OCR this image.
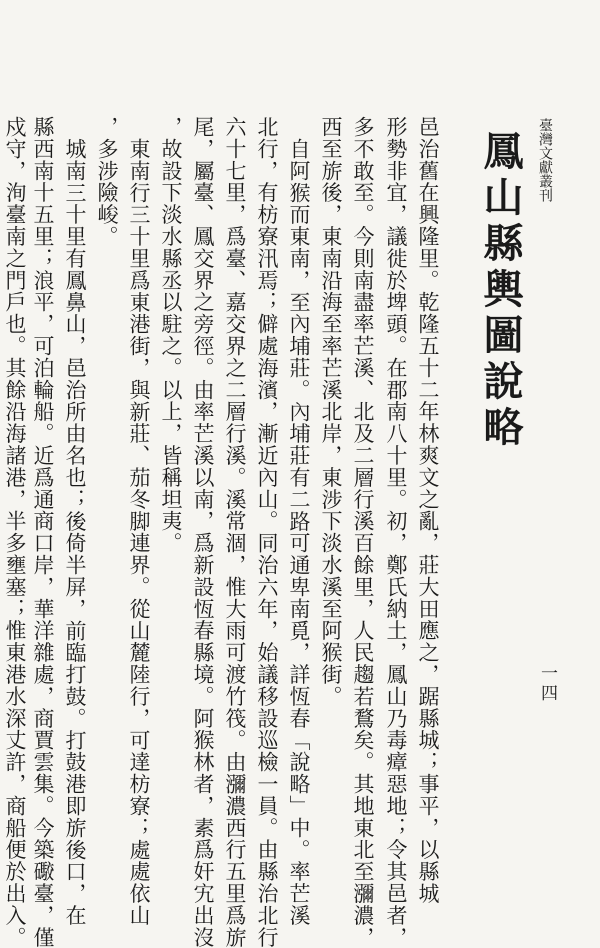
臺灣文獻叢刊
一四
鳳山縣輿圖說略

邑治舊在興隆里。乾隆五十二年林爽文之亂，莊大田應之，踞縣城；事平，以縣城

形勢非宜，議徙於埤頭。在郡南八十里。初，鄭氏納土，鳳山乃毒瘴惡地；令其邑者，

多不敢至。今則南盡率芒溪、北及二層行溪百餘里，人民趨若鶩矣。其地東北至瀰濃，

西至旂後，東南沿海至率芒溪北岸，東涉下淡水溪至阿猴街。

自阿猴而東南，至內埔莊。內埔莊有二路可通卑南覓，詳恆春「說略」中。率芒溪

北行，有枋寮汛焉；僻處海濱，漸近內山。同治六年，始議移設巡檢一員。由縣治北行

六十七里，爲臺、嘉交界之二層行溪。溪常涸，惟大雨可渡竹筏。由瀰濃西行五里爲旂

尾，屬臺、鳳交界之旁徑。由率芒溪以南，爲新設恆春縣境。阿猴林者，素爲奸宄出沒

，故設下淡水縣丞以駐之。以上，皆稱坦夷。

東南行三十里爲東港街，與新莊、茄冬脚連界。從山麓陸行，可達枋寮；處處依山

，多涉險峻。

城南三十里有鳳鼻山，邑治所由名也；後倚半屏，前臨打鼓。打鼓港即旂後口，在

縣西南十五里；浪平，可泊輪船。近爲通商口岸，華洋雜處，商賈雲集。今築礮臺，僅

戍守，洵臺南之門戶也。其餘沿海諸港，半多壅塞；惟東港水深丈許，商船便於出入。
